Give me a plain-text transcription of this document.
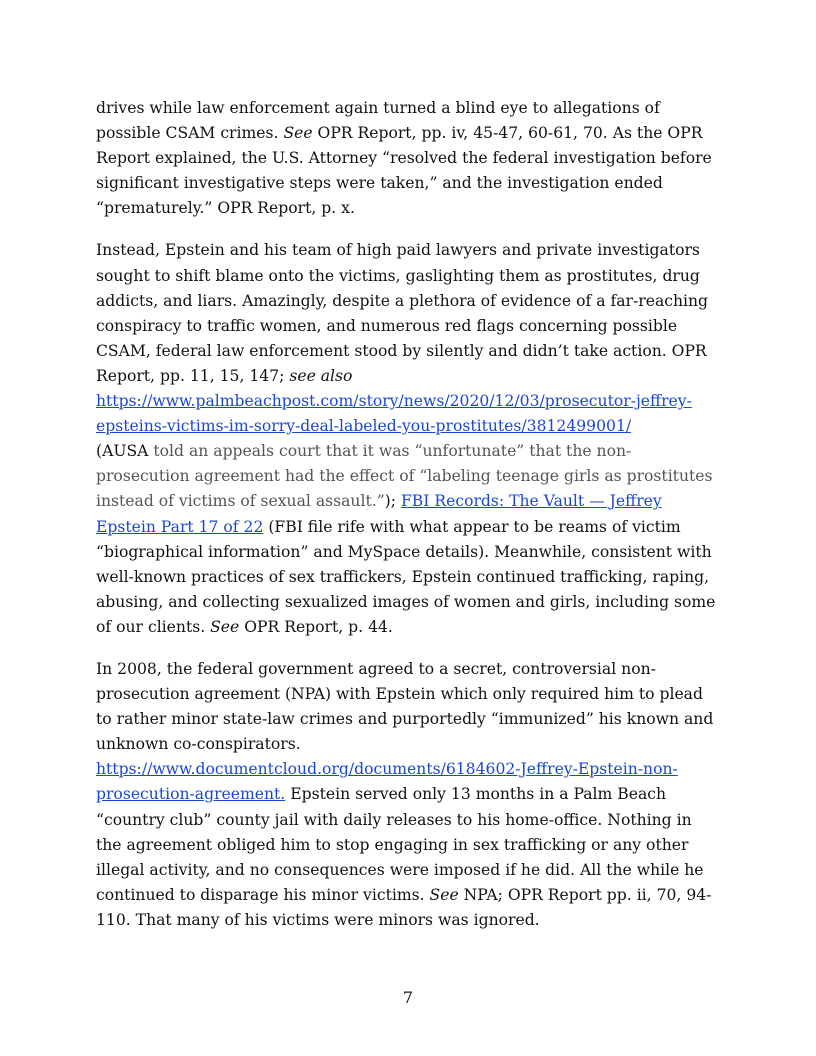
drives while law enforcement again turned a blind eye to allegations of possible CSAM crimes. See OPR Report, pp. iv, 45-47, 60-61, 70. As the OPR Report explained, the U.S. Attorney “resolved the federal investigation before significant investigative steps were taken,” and the investigation ended “prematurely.” OPR Report, p. x.

Instead, Epstein and his team of high paid lawyers and private investigators sought to shift blame onto the victims, gaslighting them as prostitutes, drug addicts, and liars. Amazingly, despite a plethora of evidence of a far-reaching conspiracy to traffic women, and numerous red flags concerning possible CSAM, federal law enforcement stood by silently and didn’t take action. OPR Report, pp. 11, 15, 147; see also
https://www.palmbeachpost.com/story/news/2020/12/03/prosecutor-jeffrey-epsteins-victims-im-sorry-deal-labeled-you-prostitutes/3812499001/
(AUSA told an appeals court that it was “unfortunate” that the non-prosecution agreement had the effect of “labeling teenage girls as prostitutes instead of victims of sexual assault.”); FBI Records: The Vault — Jeffrey Epstein Part 17 of 22 (FBI file rife with what appear to be reams of victim “biographical information” and MySpace details). Meanwhile, consistent with well-known practices of sex traffickers, Epstein continued trafficking, raping, abusing, and collecting sexualized images of women and girls, including some of our clients. See OPR Report, p. 44.

In 2008, the federal government agreed to a secret, controversial non-prosecution agreement (NPA) with Epstein which only required him to plead to rather minor state-law crimes and purportedly “immunized” his known and unknown co-conspirators. https://www.documentcloud.org/documents/6184602-Jeffrey-Epstein-non-prosecution-agreement. Epstein served only 13 months in a Palm Beach “country club” county jail with daily releases to his home-office. Nothing in the agreement obliged him to stop engaging in sex trafficking or any other illegal activity, and no consequences were imposed if he did. All the while he continued to disparage his minor victims. See NPA; OPR Report pp. ii, 70, 94-110. That many of his victims were minors was ignored.

7
